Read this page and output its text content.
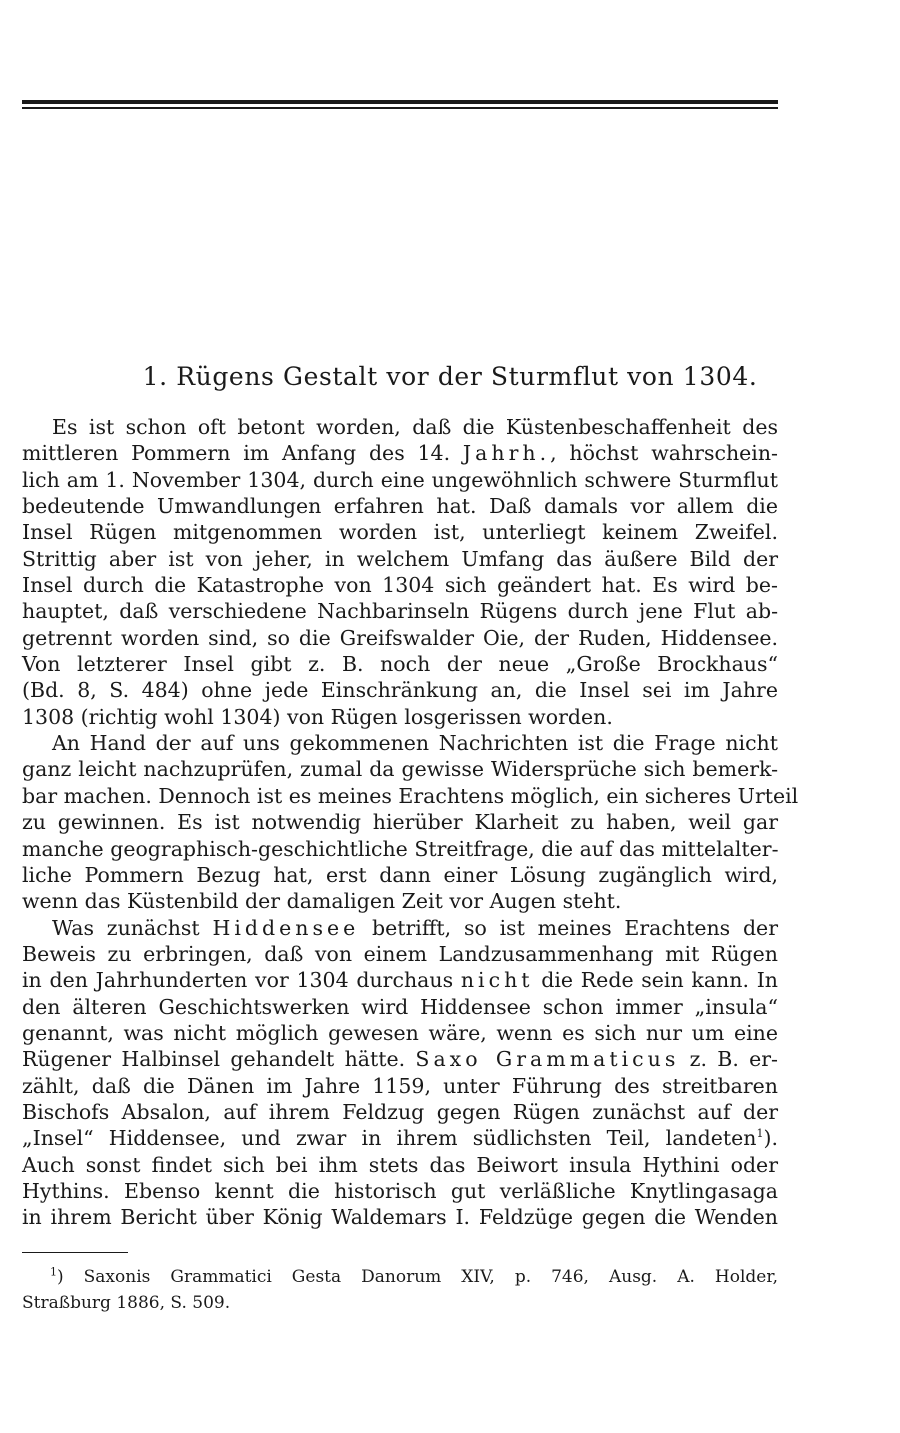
1. Rügens Gestalt vor der Sturmflut von 1304.
Es ist schon oft betont worden, daß die Küstenbeschaffenheit des
mittleren Pommern im Anfang des 14. Jahrh., höchst wahrschein-
lich am 1. November 1304, durch eine ungewöhnlich schwere Sturmflut
bedeutende Umwandlungen erfahren hat. Daß damals vor allem die
Insel Rügen mitgenommen worden ist, unterliegt keinem Zweifel.
Strittig aber ist von jeher, in welchem Umfang das äußere Bild der
Insel durch die Katastrophe von 1304 sich geändert hat. Es wird be-
hauptet, daß verschiedene Nachbarinseln Rügens durch jene Flut ab-
getrennt worden sind, so die Greifswalder Oie, der Ruden, Hiddensee.
Von letzterer Insel gibt z. B. noch der neue „Große Brockhaus“
(Bd. 8, S. 484) ohne jede Einschränkung an, die Insel sei im Jahre
1308 (richtig wohl 1304) von Rügen losgerissen worden.
An Hand der auf uns gekommenen Nachrichten ist die Frage nicht
ganz leicht nachzuprüfen, zumal da gewisse Widersprüche sich bemerk-
bar machen. Dennoch ist es meines Erachtens möglich, ein sicheres Urteil
zu gewinnen. Es ist notwendig hierüber Klarheit zu haben, weil gar
manche geographisch-geschichtliche Streitfrage, die auf das mittelalter-
liche Pommern Bezug hat, erst dann einer Lösung zugänglich wird,
wenn das Küstenbild der damaligen Zeit vor Augen steht.
Was zunächst Hiddensee betrifft, so ist meines Erachtens der
Beweis zu erbringen, daß von einem Landzusammenhang mit Rügen
in den Jahrhunderten vor 1304 durchaus nicht die Rede sein kann. In
den älteren Geschichtswerken wird Hiddensee schon immer „insula“
genannt, was nicht möglich gewesen wäre, wenn es sich nur um eine
Rügener Halbinsel gehandelt hätte. Saxo Grammaticus z. B. er-
zählt, daß die Dänen im Jahre 1159, unter Führung des streitbaren
Bischofs Absalon, auf ihrem Feldzug gegen Rügen zunächst auf der
„Insel“ Hiddensee, und zwar in ihrem südlichsten Teil, landeten$^1$).
Auch sonst findet sich bei ihm stets das Beiwort insula Hythini oder
Hythins. Ebenso kennt die historisch gut verläßliche Knytlingasaga
in ihrem Bericht über König Waldemars I. Feldzüge gegen die Wenden
$^1$) Saxonis Grammatici Gesta Danorum XIV, p. 746, Ausg. A. Holder,
Straßburg 1886, S. 509.
